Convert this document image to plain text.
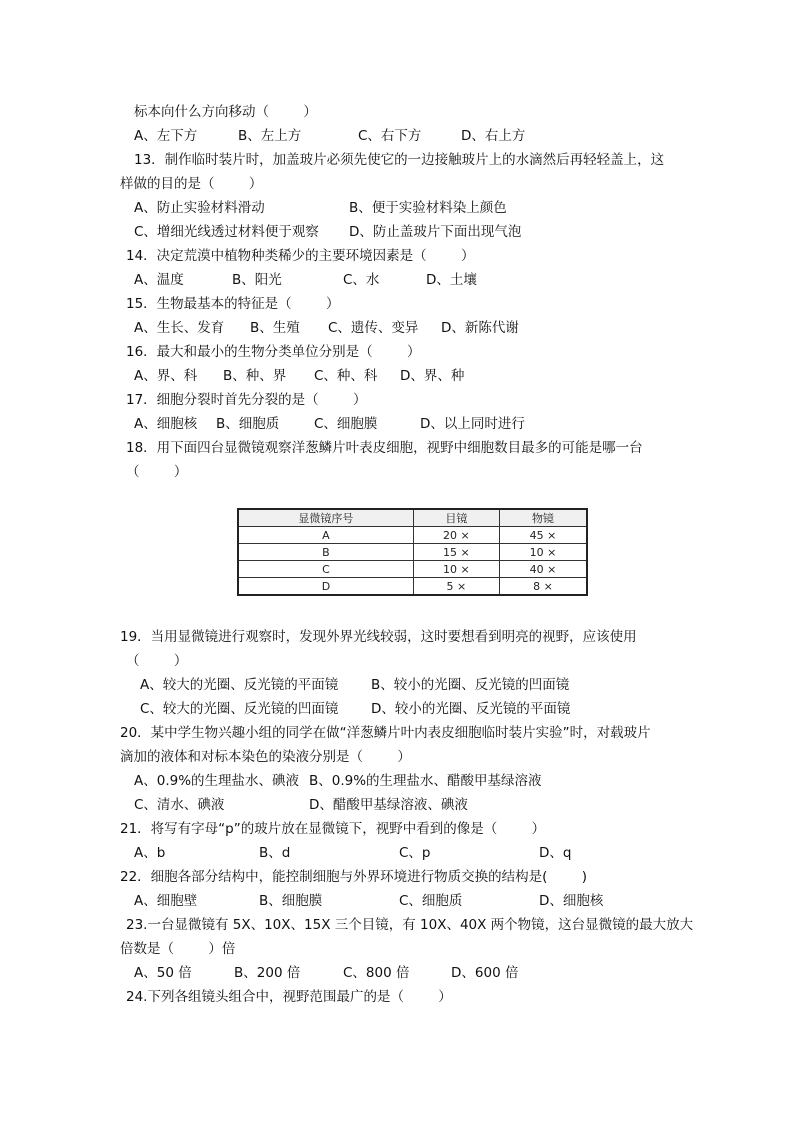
标本向什么方向移动（        ）

A、左下方

	B、左上方

	C、右下方

	D、右上方

13．制作临时装片时，加盖玻片必须先使它的一边接触玻片上的水滴然后再轻轻盖上，这
样做的目的是（        ）

A、防止实验材料滑动

	B、便于实验材料染上颜色

C、增细光线透过材料便于观察

D、防止盖玻片下面出现气泡

14．决定荒漠中植物种类稀少的主要环境因素是（        ）

A、温度

	B、阳光

	C、水

	D、土壤

15．生物最基本的特征是（        ）

A、生长、发育

B、生殖

C、遗传、变异

D、新陈代谢

16．最大和最小的生物分类单位分别是（        ）

A、界、科

B、种、界

C、种、科

D、界、种

17．细胞分裂时首先分裂的是（        ）

A、细胞核

B、细胞质

	C、细胞膜

	D、以上同时进行

18．用下面四台显微镜观察洋葱鳞片叶表皮细胞，视野中细胞数目最多的可能是哪一台
（        ）
显微镜序号	目镜	物镜
A	20 ×	45 ×
B	15 ×	10 ×
C	10 ×	40 ×
D	5 ×	8 ×
19．当用显微镜进行观察时，发现外界光线较弱，这时要想看到明亮的视野，应该使用
（        ）

A、较大的光圈、反光镜的平面镜

B、较小的光圈、反光镜的凹面镜

C、较大的光圈、反光镜的凹面镜

D、较小的光圈、反光镜的平面镜

20．某中学生物兴趣小组的同学在做“洋葱鳞片叶内表皮细胞临时装片实验”时，对载玻片
滴加的液体和对标本染色的染液分别是（        ）

A、0.9%的生理盐水、碘液

B、0.9%的生理盐水、醋酸甲基绿溶液

C、清水、碘液

	D、醋酸甲基绿溶液、碘液

21．将写有字母“p”的玻片放在显微镜下，视野中看到的像是（        ）

A、b

	B、d

	C、p

	D、q

22．细胞各部分结构中，能控制细胞与外界环境进行物质交换的结构是(        )

A、细胞壁

	B、细胞膜

	C、细胞质

	D、细胞核

23.一台显微镜有 5X、10X、15X 三个目镜，有 10X、40X 两个物镜，这台显微镜的最大放大
倍数是（        ）倍

A、50 倍

	B、200 倍

	C、800 倍

	D、600 倍

24.下列各组镜头组合中，视野范围最广的是（        ）
